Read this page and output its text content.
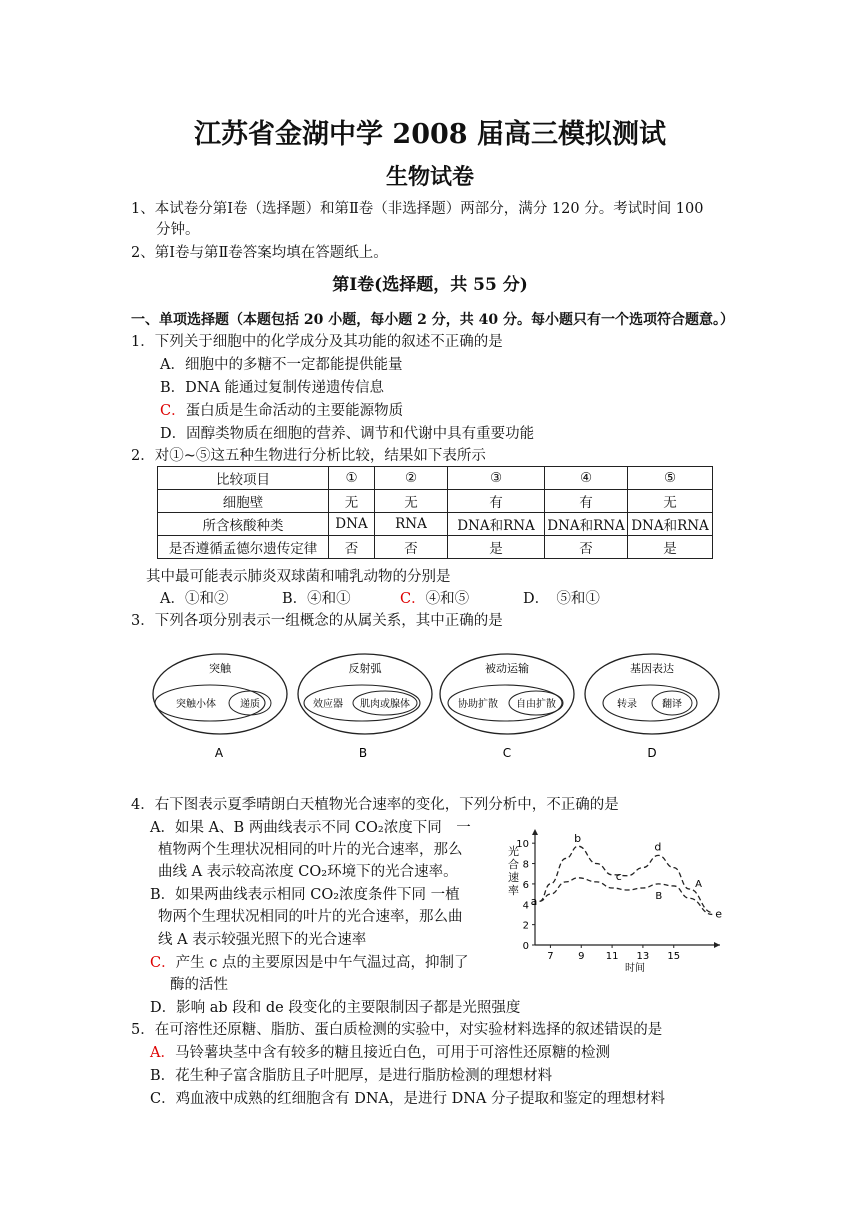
江苏省金湖中学 2008 届高三模拟测试
生物试卷
1、本试卷分第Ⅰ卷（选择题）和第Ⅱ卷（非选择题）两部分，满分 120 分。考试时间 100
分钟。
2、第Ⅰ卷与第Ⅱ卷答案均填在答题纸上。
第Ⅰ卷(选择题，共 55 分)
一、单项选择题（本题包括 20 小题，每小题 2 分，共 40 分。每小题只有一个选项符合题意。）
1．下列关于细胞中的化学成分及其功能的叙述不正确的是
A．细胞中的多糖不一定都能提供能量
B．DNA 能通过复制传递遗传信息
C．蛋白质是生命活动的主要能源物质
D．固醇类物质在细胞的营养、调节和代谢中具有重要功能
2．对①~⑤这五种生物进行分析比较，结果如下表所示
比较项目	①	②	③	④	⑤
细胞壁	无	无	有	有	无
所含核酸种类	DNA	RNA	DNA和RNA	DNA和RNA	DNA和RNA
是否遵循孟德尔遗传定律	否	否	是	否	是
其中最可能表示肺炎双球菌和哺乳动物的分别是
A．①和②	B．④和①	C．④和⑤	D．　⑤和①
3．下列各项分别表示一组概念的从属关系，其中正确的是
突触
突触小体 递质
A
反射弧
效应器 肌肉或腺体
B
被动运输
协助扩散 自由扩散
C
基因表达
转录	翻译
D
4．右下图表示夏季晴朗白天植物光合速率的变化，下列分析中，不正确的是
A．如果 A、B 两曲线表示不同 CO₂浓度下同　一
植物两个生理状况相同的叶片的光合速率，那么
曲线 A 表示较高浓度 CO₂环境下的光合速率。
B．如果两曲线表示相同 CO₂浓度条件下同 一植
物两个生理状况相同的叶片的光合速率，那么曲
线 A 表示较强光照下的光合速率
C．产生 c 点的主要原因是中午气温过高，抑制了
酶的活性
D．影响 ab 段和 de 段变化的主要限制因子都是光照强度
0
2
4
6
8
10
7 9 11 13 15
A
B
a
b
c
d
e
光合速率
时间
5．在可溶性还原糖、脂肪、蛋白质检测的实验中，对实验材料选择的叙述错误的是
A．马铃薯块茎中含有较多的糖且接近白色，可用于可溶性还原糖的检测
B．花生种子富含脂肪且子叶肥厚，是进行脂肪检测的理想材料
C．鸡血液中成熟的红细胞含有 DNA，是进行 DNA 分子提取和鉴定的理想材料
